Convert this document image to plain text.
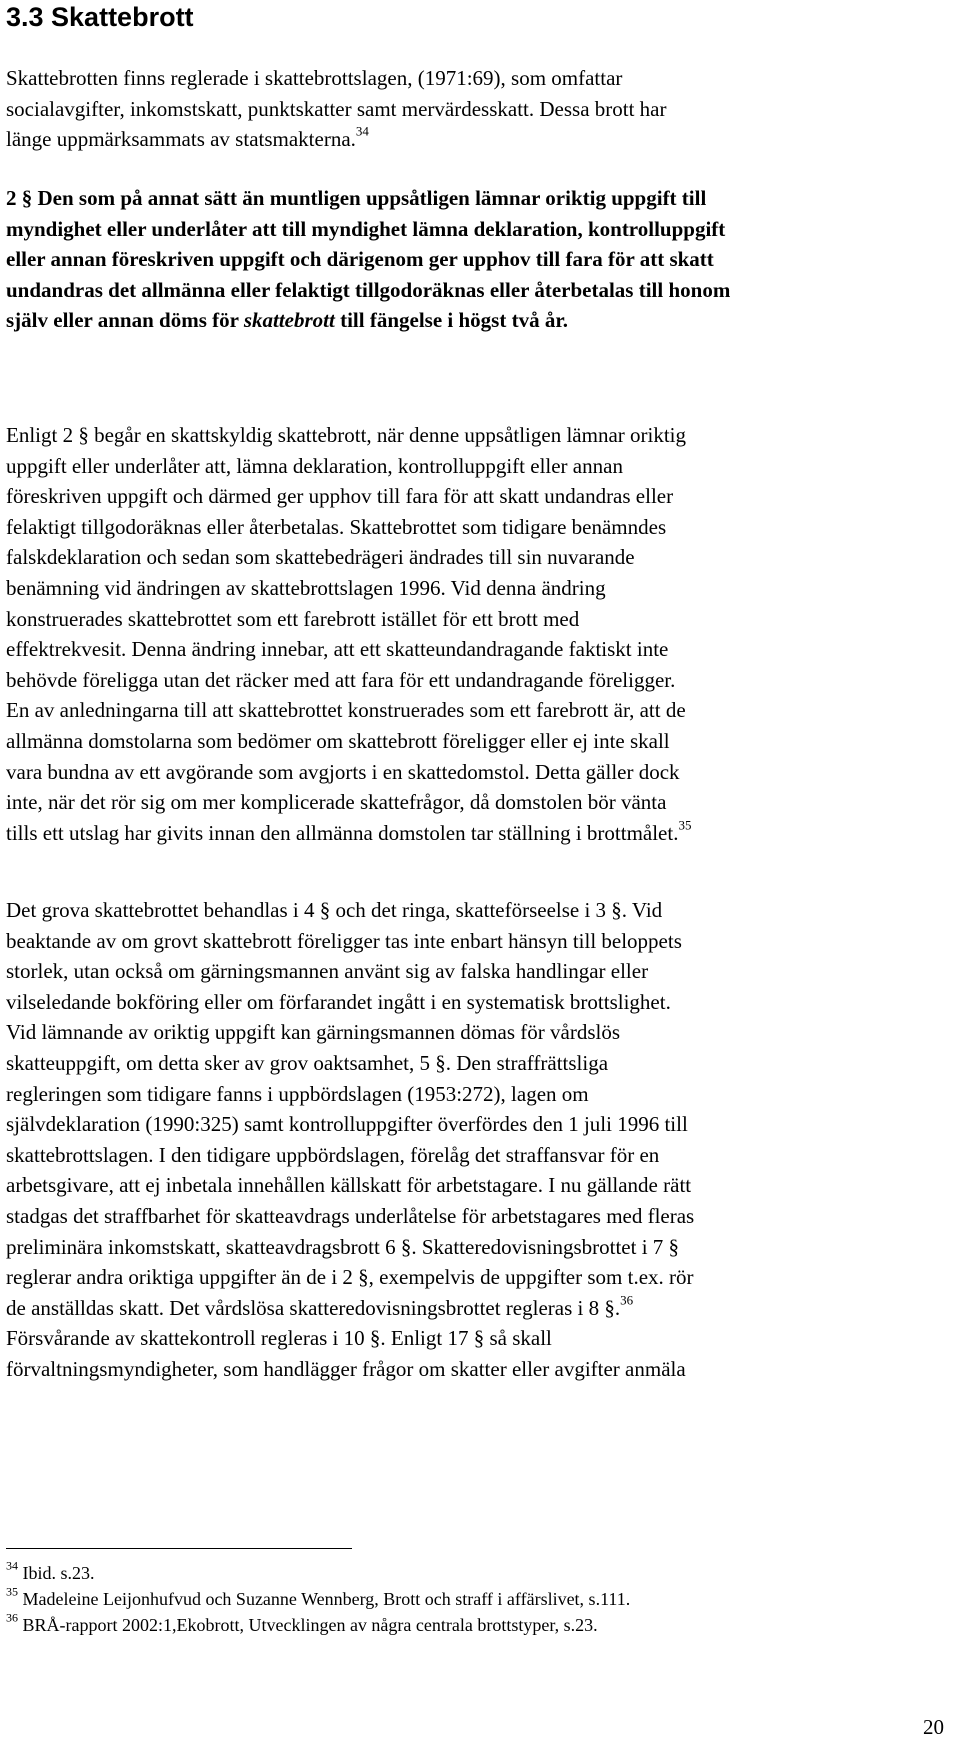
3.3 Skattebrott

Skattebrotten finns reglerade i skattebrottslagen, (1971:69), som omfattar
socialavgifter, inkomstskatt, punktskatter samt mervärdesskatt. Dessa brott har
länge uppmärksammats av statsmakterna.$^{34}$

2 § Den som på annat sätt än muntligen uppsåtligen lämnar oriktig uppgift till
myndighet eller underlåter att till myndighet lämna deklaration, kontrolluppgift
eller annan föreskriven uppgift och därigenom ger upphov till fara för att skatt
undandras det allmänna eller felaktigt tillgodoräknas eller återbetalas till honom
själv eller annan döms för skattebrott till fängelse i högst två år.

Enligt 2 § begår en skattskyldig skattebrott, när denne uppsåtligen lämnar oriktig
uppgift eller underlåter att, lämna deklaration, kontrolluppgift eller annan
föreskriven uppgift och därmed ger upphov till fara för att skatt undandras eller
felaktigt tillgodoräknas eller återbetalas. Skattebrottet som tidigare benämndes
falskdeklaration och sedan som skattebedrägeri ändrades till sin nuvarande
benämning vid ändringen av skattebrottslagen 1996. Vid denna ändring
konstruerades skattebrottet som ett farebrott istället för ett brott med
effektrekvesit. Denna ändring innebar, att ett skatteundandragande faktiskt inte
behövde föreligga utan det räcker med att fara för ett undandragande föreligger.
En av anledningarna till att skattebrottet konstruerades som ett farebrott är, att de
allmänna domstolarna som bedömer om skattebrott föreligger eller ej inte skall
vara bundna av ett avgörande som avgjorts i en skattedomstol. Detta gäller dock
inte, när det rör sig om mer komplicerade skattefrågor, då domstolen bör vänta
tills ett utslag har givits innan den allmänna domstolen tar ställning i brottmålet.$^{35}$

Det grova skattebrottet behandlas i 4 § och det ringa, skatteförseelse i 3 §. Vid
beaktande av om grovt skattebrott föreligger tas inte enbart hänsyn till beloppets
storlek, utan också om gärningsmannen använt sig av falska handlingar eller
vilseledande bokföring eller om förfarandet ingått i en systematisk brottslighet.
Vid lämnande av oriktig uppgift kan gärningsmannen dömas för vårdslös
skatteuppgift, om detta sker av grov oaktsamhet, 5 §. Den straffrättsliga
regleringen som tidigare fanns i uppbördslagen (1953:272), lagen om
självdeklaration (1990:325) samt kontrolluppgifter överfördes den 1 juli 1996 till
skattebrottslagen. I den tidigare uppbördslagen, förelåg det straffansvar för en
arbetsgivare, att ej inbetala innehållen källskatt för arbetstagare. I nu gällande rätt
stadgas det straffbarhet för skatteavdrags underlåtelse för arbetstagares med fleras
preliminära inkomstskatt, skatteavdragsbrott 6 §. Skatteredovisningsbrottet i 7 §
reglerar andra oriktiga uppgifter än de i 2 §, exempelvis de uppgifter som t.ex. rör
de anställdas skatt. Det vårdslösa skatteredovisningsbrottet regleras i 8 §.$^{36}$
Försvårande av skattekontroll regleras i 10 §. Enligt 17 § så skall
förvaltningsmyndigheter, som handlägger frågor om skatter eller avgifter anmäla

$^{34}$ Ibid. s.23.
$^{35}$ Madeleine Leijonhufvud och Suzanne Wennberg, Brott och straff i affärslivet, s.111.
$^{36}$ BRÅ-rapport 2002:1,Ekobrott, Utvecklingen av några centrala brottstyper, s.23.
20
